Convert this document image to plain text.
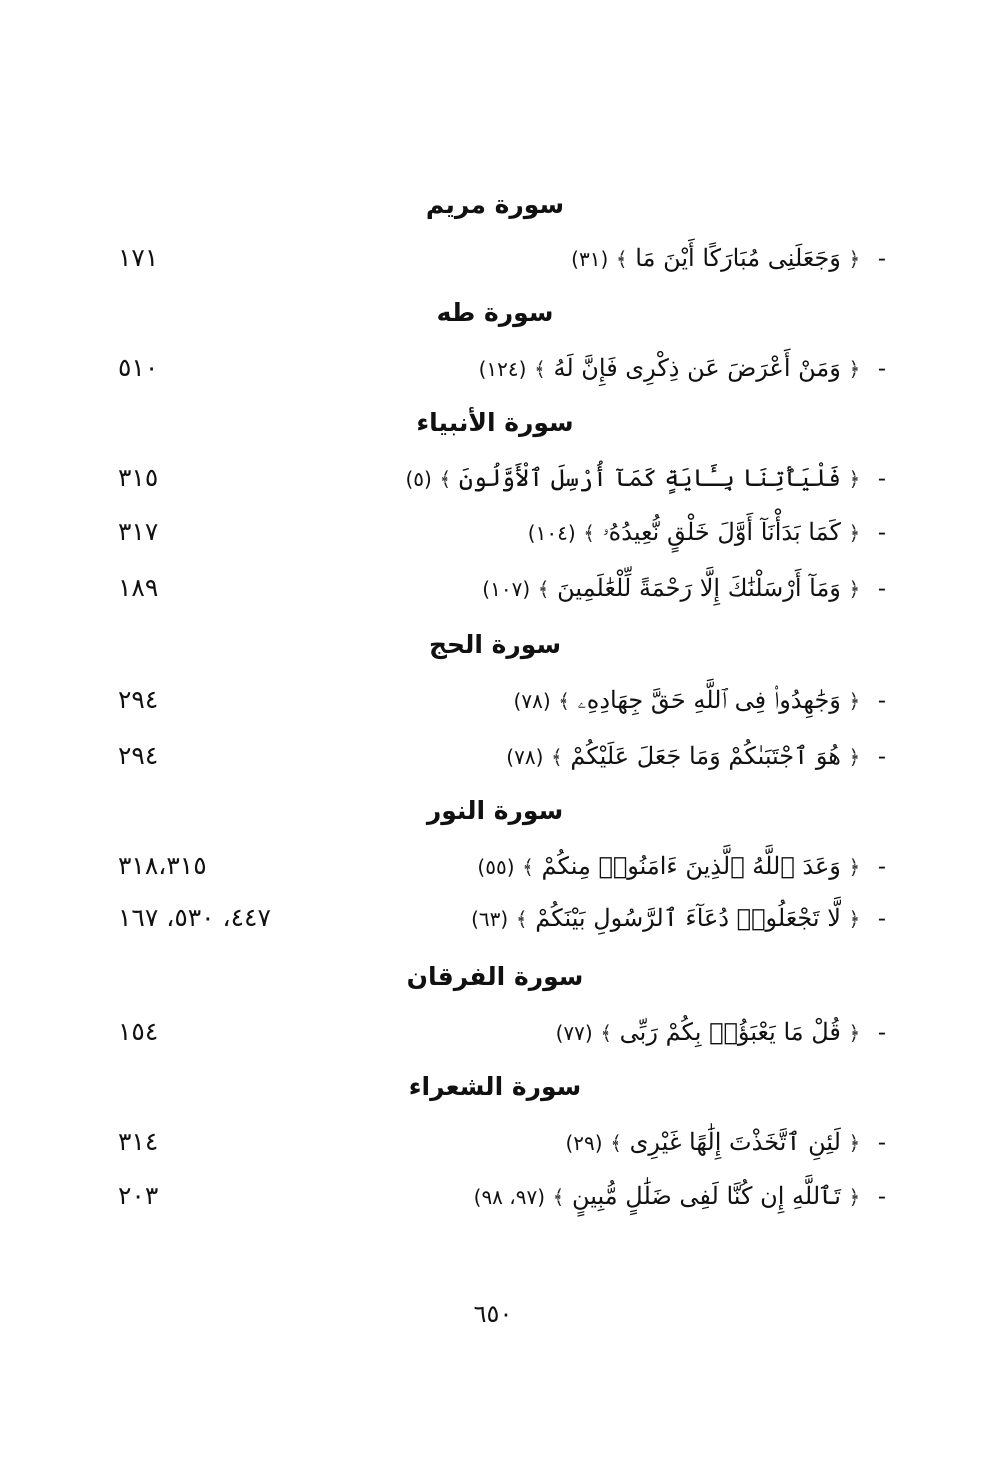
سورة مريم
- ﴿ وَجَعَلَنِى مُبَارَكًا أَيْنَ مَا ﴾ (٣١)
١٧١
سورة طه
- ﴿ وَمَنْ أَعْرَضَ عَن ذِكْرِى فَإِنَّ لَهُ ﴾ (١٢٤)
٥١٠
سورة الأنبياء
- ﴿ فَلْيَأْتِنَا بِـَٔايَةٍ كَمَآ أُرْسِلَ ٱلْأَوَّلُونَ ﴾ (٥)
٣١٥
- ﴿ كَمَا بَدَأْنَآ أَوَّلَ خَلْقٍ نُّعِيدُهُۥ ﴾ (١٠٤)
٣١٧
- ﴿ وَمَآ أَرْسَلْنَٰكَ إِلَّا رَحْمَةً لِّلْعَٰلَمِينَ ﴾ (١٠٧)
١٨٩
سورة الحج
- ﴿ وَجَٰهِدُوا۟ فِى ٱللَّهِ حَقَّ جِهَادِهِۦ ﴾ (٧٨)
٢٩٤
- ﴿ هُوَ ٱجْتَبَىٰكُمْ وَمَا جَعَلَ عَلَيْكُمْ ﴾ (٧٨)
٢٩٤
سورة النور
- ﴿ وَعَدَ ٱللَّهُ ٱلَّذِينَ ءَامَنُوا۟ مِنكُمْ ﴾ (٥٥)
٣١٨،٣١٥
- ﴿ لَّا تَجْعَلُوا۟ دُعَآءَ ٱلرَّسُولِ بَيْنَكُمْ ﴾ (٦٣)
٤٤٧، ٥٣٠، ١٦٧
سورة الفرقان
- ﴿ قُلْ مَا يَعْبَؤُا۟ بِكُمْ رَبِّى ﴾ (٧٧)
١٥٤
سورة الشعراء
- ﴿ لَئِنِ ٱتَّخَذْتَ إِلَٰهًا غَيْرِى ﴾ (٢٩)
٣١٤
- ﴿ تَٱللَّهِ إِن كُنَّا لَفِى ضَلَٰلٍ مُّبِينٍ ﴾ (٩٧، ٩٨)
٢٠٣
٦٥٠
